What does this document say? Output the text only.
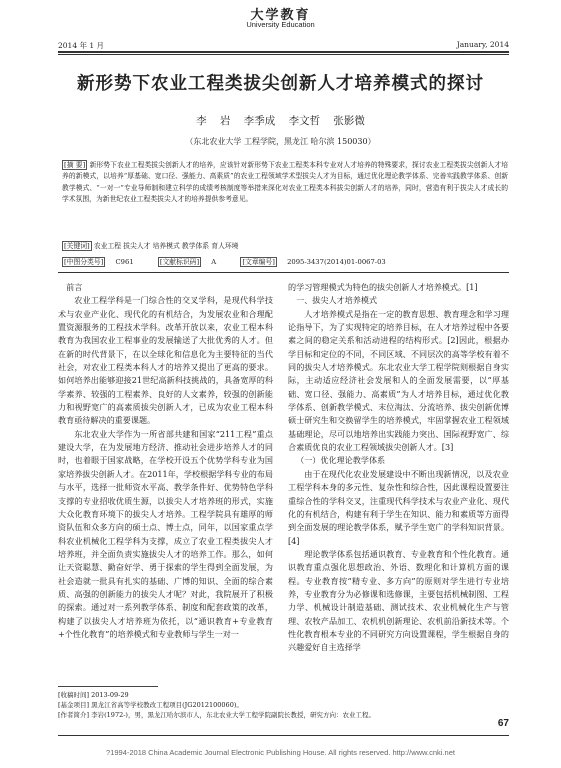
大学教育
University Education
2014 年 1 月	January, 2014
新形势下农业工程类拔尖创新人才培养模式的探讨
李 岩 李季成 李文哲 张影微
（东北农业大学 工程学院，黑龙江 哈尔滨 150030）
[摘 要] 新形势下农业工程类拔尖创新人才的培养，应该针对新形势下农业工程类本科专业对人才培养的特殊要求，探讨农业工程类拔尖创新人才培养的新模式，以培养“厚基础、宽口径、强能力、高素质”的农业工程领域学术型拔尖人才为目标，通过优化理论教学体系、完善实践教学体系、创新教学模式、“一对一”专业导师制和建立科学的成绩考核制度等举措来深化对农业工程类本科拔尖创新人才的培养，同时，营造有利于拔尖人才成长的学术氛围，为新世纪农业工程类拔尖人才的培养提供参考意见。
[关键词] 农业工程 拔尖人才 培养模式 教学体系 育人环境
[中图分类号] C961	[文献标识码] A	[文章编号] 2095-3437(2014)01-0067-03

前言

农业工程学科是一门综合性的交叉学科，是现代科学技术与农业产业化、现代化的有机结合，为发展农业和合理配置资源服务的工程技术学科。改革开放以来，农业工程本科教育为我国农业工程事业的发展输送了大批优秀的人才。但在新的时代背景下，在以全球化和信息化为主要特征的当代社会，对农业工程类本科人才的培养又提出了更高的要求。如何培养出能够迎接21世纪高新科技挑战的，具备宽厚的科学素养、较强的工程素养、良好的人文素养，较强的创新能力和视野宽广的高素质拔尖创新人才，已成为农业工程本科教育亟待解决的重要课题。

东北农业大学作为一所省部共建和国家“211工程”重点建设大学，在为发展地方经济、推动社会进步培养人才的同时，也着眼于国家战略，在学校开设五个优势学科专业为国家培养拔尖创新人才。在2011年，学校根据学科专业的布局与水平，选择一批师资水平高、教学条件好、优势特色学科支撑的专业招收优质生源，以拔尖人才培养班的形式，实施大众化教育环境下的拔尖人才培养。工程学院具有雄厚的师资队伍和众多方向的硕士点、博士点，同年，以国家重点学科农业机械化工程学科为支撑，成立了农业工程类拔尖人才培养班，并全面负责实施拔尖人才的培养工作。那么，如何让天资聪慧、勤奋好学、勇于探索的学生得到全面发展，为社会造就一批具有扎实的基础、广博的知识、全面的综合素质、高强的创新能力的拔尖人才呢？对此，我院展开了积极的探索。通过对一系列教学体系、制度和配套政策的改革，构建了以拔尖人才培养班为依托，以“通识教育+专业教育+个性化教育”的培养模式和专业教师与学生一对一

的学习管理模式为特色的拔尖创新人才培养模式。[1]

一、拔尖人才培养模式

人才培养模式是指在一定的教育思想、教育理念和学习理论指导下，为了实现特定的培养目标，在人才培养过程中各要素之间的稳定关系和活动进程的结构形式。[2]因此，根据办学目标和定位的不同，不同区域、不同层次的高等学校有着不同的拔尖人才培养模式。东北农业大学工程学院则根据自身实际，主动适应经济社会发展和人的全面发展需要，以“厚基础、宽口径、强能力、高素质”为人才培养目标，通过优化教学体系、创新教学模式、末位淘汰、分流培养、拔尖创新优博硕士研究生和交换留学生的培养模式，牢固掌握农业工程领域基础理论，尽可以地培养出实践能力突出、国际视野宽广、综合素质优良的农业工程领域拔尖创新人才。[3]

（一）优化理论教学体系

由于在现代化农业发展建设中不断出现新情况，以及农业工程学科本身的多元性、复杂性和综合性，因此课程设置要注重综合性的学科交叉，注重现代科学技术与农业产业化、现代化的有机结合，构建有利于学生在知识、能力和素质等方面得到全面发展的理论教学体系，赋予学生宽广的学科知识背景。[4]

理论教学体系包括通识教育、专业教育和个性化教育。通识教育重点强化思想政治、外语、数理化和计算机方面的课程。专业教育按“精专业、多方向”的原则对学生进行专业培养，专业教育分为必修课和选修课，主要包括机械制图、工程力学、机械设计制造基础、测试技术、农业机械化生产与管理、农牧产品加工、农机机创新理论、农机前沿新技术等。个性化教育根本专业的不同研究方向设置课程，学生根据自身的兴趣爱好自主选择学

[收稿时间] 2013-09-29
[基金项目] 黑龙江省高等学校教改工程项目(JG2012100060)。
[作者简介] 李岩(1972-)，男，黑龙江哈尔滨市人，东北农业大学工程学院副院长教授，研究方向：农业工程。
67
?1994-2018 China Academic Journal Electronic Publishing House. All rights reserved. http://www.cnki.net
